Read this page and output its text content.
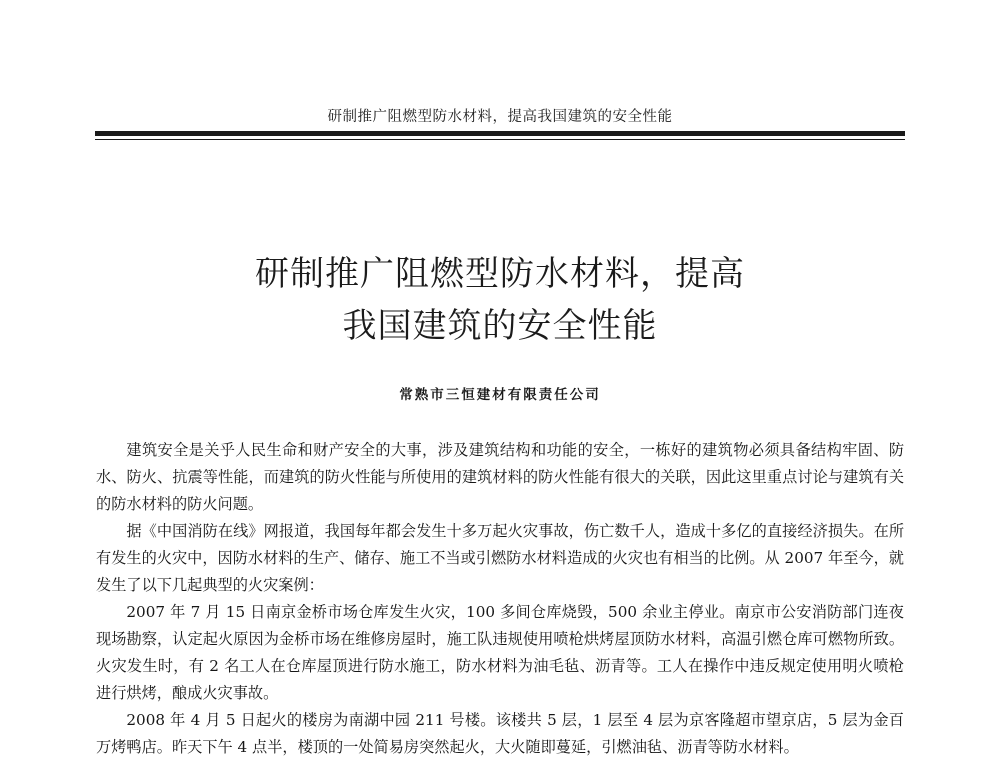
研制推广阻燃型防水材料，提高我国建筑的安全性能
研制推广阻燃型防水材料，提高
我国建筑的安全性能
常熟市三恒建材有限责任公司

建筑安全是关乎人民生命和财产安全的大事，涉及建筑结构和功能的安全，一栋好的建筑物必须具备结构牢固、防水、防火、抗震等性能，而建筑的防火性能与所使用的建筑材料的防火性能有很大的关联，因此这里重点讨论与建筑有关的防水材料的防火问题。

据《中国消防在线》网报道，我国每年都会发生十多万起火灾事故，伤亡数千人，造成十多亿的直接经济损失。在所有发生的火灾中，因防水材料的生产、储存、施工不当或引燃防水材料造成的火灾也有相当的比例。从 2007 年至今，就发生了以下几起典型的火灾案例：

2007 年 7 月 15 日南京金桥市场仓库发生火灾，100 多间仓库烧毁，500 余业主停业。南京市公安消防部门连夜现场勘察，认定起火原因为金桥市场在维修房屋时，施工队违规使用喷枪烘烤屋顶防水材料，高温引燃仓库可燃物所致。火灾发生时，有 2 名工人在仓库屋顶进行防水施工，防水材料为油毛毡、沥青等。工人在操作中违反规定使用明火喷枪进行烘烤，酿成火灾事故。

2008 年 4 月 5 日起火的楼房为南湖中园 211 号楼。该楼共 5 层，1 层至 4 层为京客隆超市望京店，5 层为金百万烤鸭店。昨天下午 4 点半，楼顶的一处简易房突然起火，大火随即蔓延，引燃油毡、沥青等防水材料。
